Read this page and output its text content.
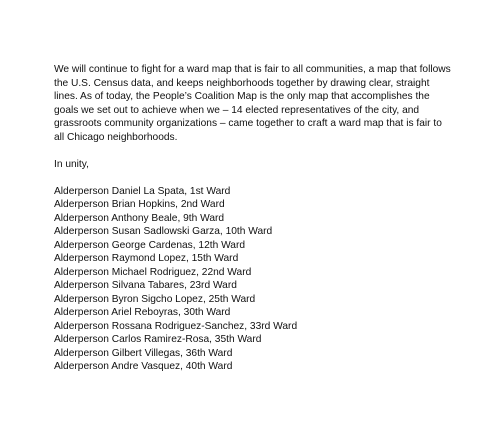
We will continue to fight for a ward map that is fair to all communities, a map that follows the U.S. Census data, and keeps neighborhoods together by drawing clear, straight lines. As of today, the People’s Coalition Map is the only map that accomplishes the goals we set out to achieve when we – 14 elected representatives of the city, and grassroots community organizations – came together to craft a ward map that is fair to all Chicago neighborhoods.

In unity,

Alderperson Daniel La Spata, 1st Ward
Alderperson Brian Hopkins, 2nd Ward
Alderperson Anthony Beale, 9th Ward
Alderperson Susan Sadlowski Garza, 10th Ward
Alderperson George Cardenas, 12th Ward
Alderperson Raymond Lopez, 15th Ward
Alderperson Michael Rodriguez, 22nd Ward
Alderperson Silvana Tabares, 23rd Ward
Alderperson Byron Sigcho Lopez, 25th Ward
Alderperson Ariel Reboyras, 30th Ward
Alderperson Rossana Rodriguez-Sanchez, 33rd Ward
Alderperson Carlos Ramirez-Rosa, 35th Ward
Alderperson Gilbert Villegas, 36th Ward
Alderperson Andre Vasquez, 40th Ward
